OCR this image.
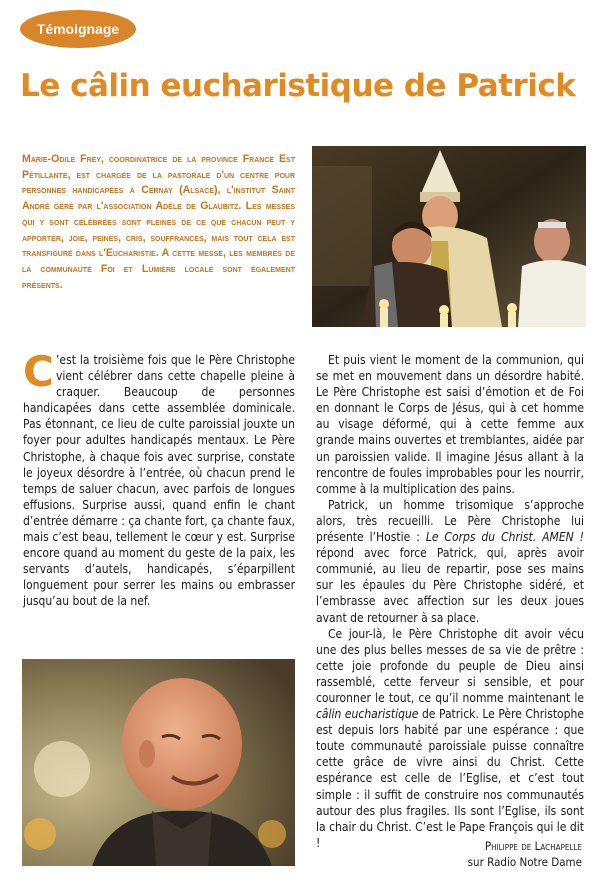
Témoignage
Le câlin eucharistique de Patrick

Marie-Odile Frey, coordinatrice de la province France Est Pétillante, est chargée de la pastorale d'un centre pour personnes handicapées à Cernay (Alsace), l'institut Saint André géré par l'association Adèle de Glaubitz. Les messes qui y sont célébrées sont pleines de ce que chacun peut y apporter, joie, peines, cris, souffrances, mais tout cela est transfiguré dans l'Eucharistie. A cette messe, les membres de la communauté Foi et Lumière locale sont également présents.

C ’est la troisième fois que le Père Christophe vient célébrer dans cette chapelle pleine à craquer. Beaucoup de personnes handicapées dans cette assemblée dominicale. Pas étonnant, ce lieu de culte paroissial jouxte un foyer pour adultes handicapés mentaux. Le Père Christophe, à chaque fois avec surprise, constate le joyeux désordre à l’entrée, où chacun prend le temps de saluer chacun, avec parfois de longues effusions. Surprise aussi, quand enfin le chant d’entrée démarre : ça chante fort, ça chante faux, mais c’est beau, tellement le cœur y est. Surprise encore quand au moment du geste de la paix, les servants d’autels, handicapés, s’éparpillent longuement pour serrer les mains ou embrasser jusqu’au bout de la nef.

Et puis vient le moment de la communion, qui se met en mouvement dans un désordre habité. Le Père Christophe est saisi d’émotion et de Foi en donnant le Corps de Jésus, qui à cet homme au visage déformé, qui à cette femme aux grande mains ouvertes et tremblantes, aidée par un paroissien valide. Il imagine Jésus allant à la rencontre de foules improbables pour les nourrir, comme à la multiplication des pains.

Patrick, un homme trisomique s’approche alors, très recueilli. Le Père Christophe lui présente l’Hostie : Le Corps du Christ. AMEN ! répond avec force Patrick, qui, après avoir communié, au lieu de repartir, pose ses mains sur les épaules du Père Christophe sidéré, et l’embrasse avec affection sur les deux joues avant de retourner à sa place.

Ce jour-là, le Père Christophe dit avoir vécu une des plus belles messes de sa vie de prêtre : cette joie profonde du peuple de Dieu ainsi rassemblé, cette ferveur si sensible, et pour couronner le tout, ce qu’il nomme maintenant le câlin eucharistique de Patrick. Le Père Christophe est depuis lors habité par une espérance : que toute communauté paroissiale puisse connaître cette grâce de vivre ainsi du Christ. Cette espérance est celle de l’Eglise, et c’est tout simple : il suffit de construire nos communautés autour des plus fragiles. Ils sont l’Eglise, ils sont la chair du Christ. C’est le Pape François qui le dit !	Philippe de Lachapelle
sur Radio Notre Dame
